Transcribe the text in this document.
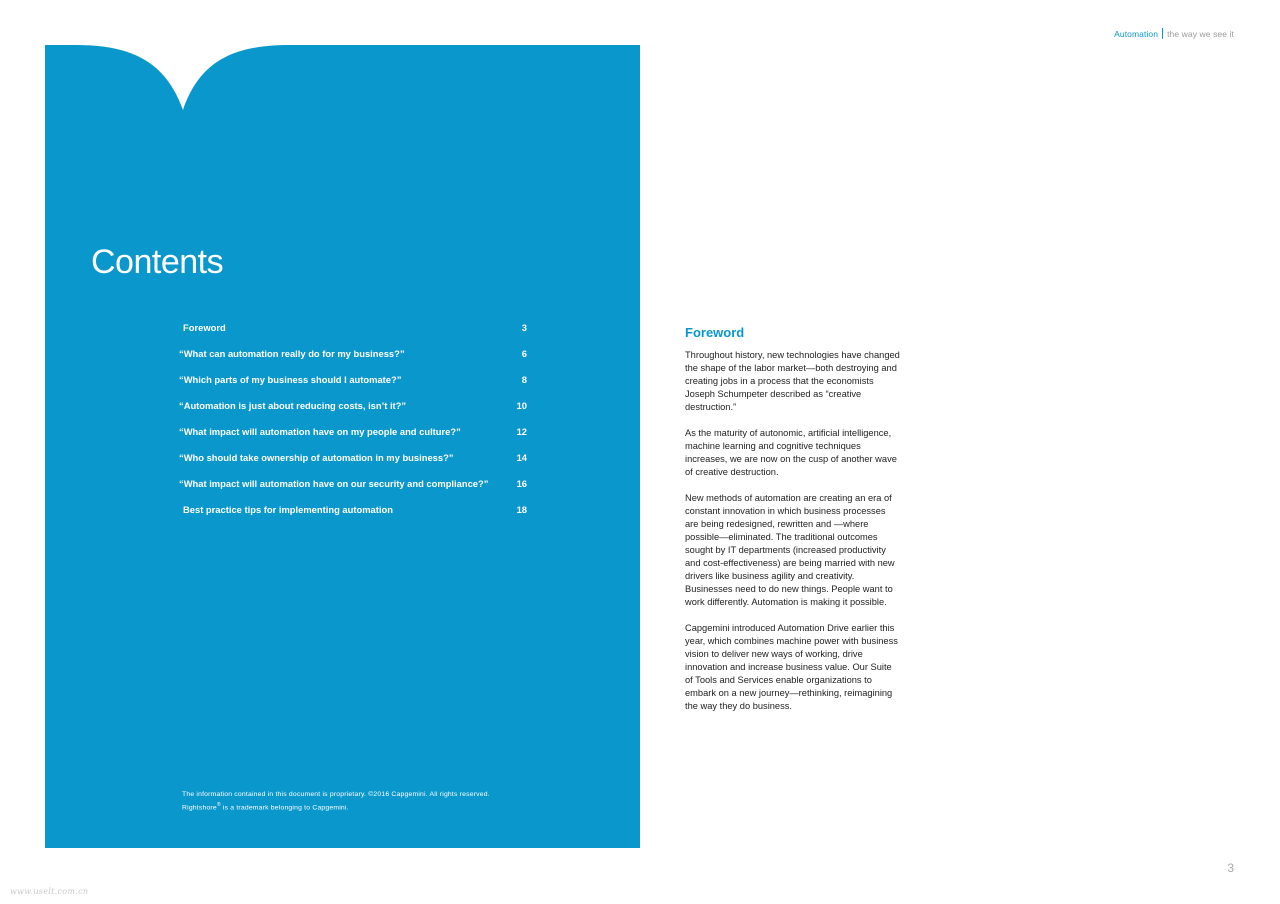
Automation the way we see it
Contents
Foreword	3
“What can automation really do for my business?”	6
“Which parts of my business should I automate?”	8
“Automation is just about reducing costs, isn’t it?”	10
“What impact will automation have on my people and culture?”	12
“Who should take ownership of automation in my business?”	14
“What impact will automation have on our security and compliance?”	16
Best practice tips for implementing automation	18

The information contained in this document is proprietary. ©2016 Capgemini. All rights reserved.

Rightshore® is a trademark belonging to Capgemini.

Foreword

Throughout history, new technologies have changed the shape of the labor market—both destroying and creating jobs in a process that the economists Joseph Schumpeter described as “creative destruction.”

As the maturity of autonomic, artificial intelligence, machine learning and cognitive techniques increases, we are now on the cusp of another wave of creative destruction.

New methods of automation are creating an era of constant innovation in which business processes are being redesigned, rewritten and —where possible—eliminated. The traditional outcomes sought by IT departments (increased productivity and cost-effectiveness) are being married with new drivers like business agility and creativity. Businesses need to do new things. People want to work differently. Automation is making it possible.

Capgemini introduced Automation Drive earlier this year, which combines machine power with business vision to deliver new ways of working, drive innovation and increase business value. Our Suite of Tools and Services enable organizations to embark on a new journey—rethinking, reimagining the way they do business.

3
www.uselt.com.cn
